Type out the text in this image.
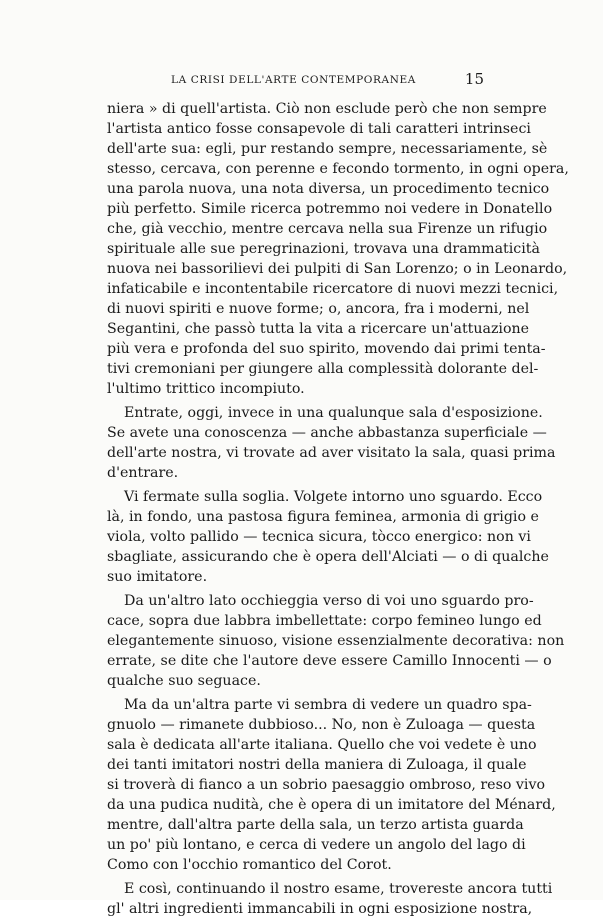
LA CRISI DELL'ARTE CONTEMPORANEA	15
niera » di quell'artista. Ciò non esclude però che non sempre
l'artista antico fosse consapevole di tali caratteri intrinseci
dell'arte sua: egli, pur restando sempre, necessariamente, sè
stesso, cercava, con perenne e fecondo tormento, in ogni opera,
una parola nuova, una nota diversa, un procedimento tecnico
più perfetto. Simile ricerca potremmo noi vedere in Donatello
che, già vecchio, mentre cercava nella sua Firenze un rifugio
spirituale alle sue peregrinazioni, trovava una drammaticità
nuova nei bassorilievi dei pulpiti di San Lorenzo; o in Leonardo,
infaticabile e incontentabile ricercatore di nuovi mezzi tecnici,
di nuovi spiriti e nuove forme; o, ancora, fra i moderni, nel
Segantini, che passò tutta la vita a ricercare un'attuazione
più vera e profonda del suo spirito, movendo dai primi tenta-
tivi cremoniani per giungere alla complessità dolorante del-
l'ultimo trittico incompiuto.
Entrate, oggi, invece in una qualunque sala d'esposizione.
Se avete una conoscenza — anche abbastanza superficiale —
dell'arte nostra, vi trovate ad aver visitato la sala, quasi prima
d'entrare.
Vi fermate sulla soglia. Volgete intorno uno sguardo. Ecco
là, in fondo, una pastosa figura feminea, armonia di grigio e
viola, volto pallido — tecnica sicura, tòcco energico: non vi
sbagliate, assicurando che è opera dell'Alciati — o di qualche
suo imitatore.
Da un'altro lato occhieggia verso di voi uno sguardo pro-
cace, sopra due labbra imbellettate: corpo femineo lungo ed
elegantemente sinuoso, visione essenzialmente decorativa: non
errate, se dite che l'autore deve essere Camillo Innocenti — o
qualche suo seguace.
Ma da un'altra parte vi sembra di vedere un quadro spa-
gnuolo — rimanete dubbioso... No, non è Zuloaga — questa
sala è dedicata all'arte italiana. Quello che voi vedete è uno
dei tanti imitatori nostri della maniera di Zuloaga, il quale
si troverà di fianco a un sobrio paesaggio ombroso, reso vivo
da una pudica nudità, che è opera di un imitatore del Ménard,
mentre, dall'altra parte della sala, un terzo artista guarda
un po' più lontano, e cerca di vedere un angolo del lago di
Como con l'occhio romantico del Corot.
E così, continuando il nostro esame, trovereste ancora tutti
gl' altri ingredienti immancabili in ogni esposizione nostra,
